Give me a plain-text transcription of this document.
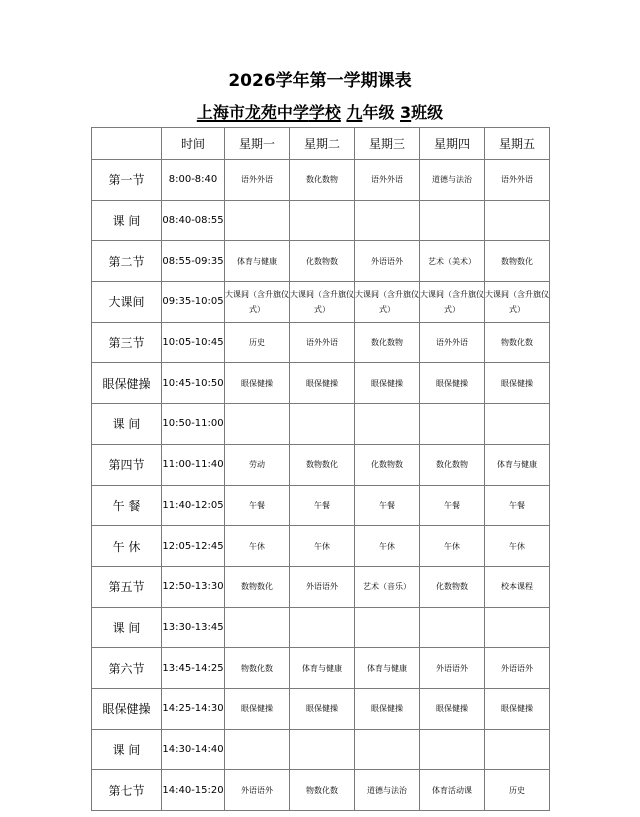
2026学年第一学期课表
上海市龙苑中学学校 九年级 3班级
	时间	星期一	星期二	星期三	星期四	星期五
第一节	8:00-8:40	语外外语	数化数物	语外外语	道德与法治	语外外语
课 间	08:40-08:55					
第二节	08:55-09:35	体育与健康	化数物数	外语语外	艺术（美术）	数物数化
大课间	09:35-10:05	大课间（含升旗仪式）	大课间（含升旗仪式）	大课间（含升旗仪式）	大课间（含升旗仪式）	大课间（含升旗仪式）
第三节	10:05-10:45	历史	语外外语	数化数物	语外外语	物数化数
眼保健操	10:45-10:50	眼保健操	眼保健操	眼保健操	眼保健操	眼保健操
课 间	10:50-11:00					
第四节	11:00-11:40	劳动	数物数化	化数物数	数化数物	体育与健康
午 餐	11:40-12:05	午餐	午餐	午餐	午餐	午餐
午 休	12:05-12:45	午休	午休	午休	午休	午休
第五节	12:50-13:30	数物数化	外语语外	艺术（音乐）	化数物数	校本课程
课 间	13:30-13:45					
第六节	13:45-14:25	物数化数	体育与健康	体育与健康	外语语外	外语语外
眼保健操	14:25-14:30	眼保健操	眼保健操	眼保健操	眼保健操	眼保健操
课 间	14:30-14:40					
第七节	14:40-15:20	外语语外	物数化数	道德与法治	体育活动课	历史
